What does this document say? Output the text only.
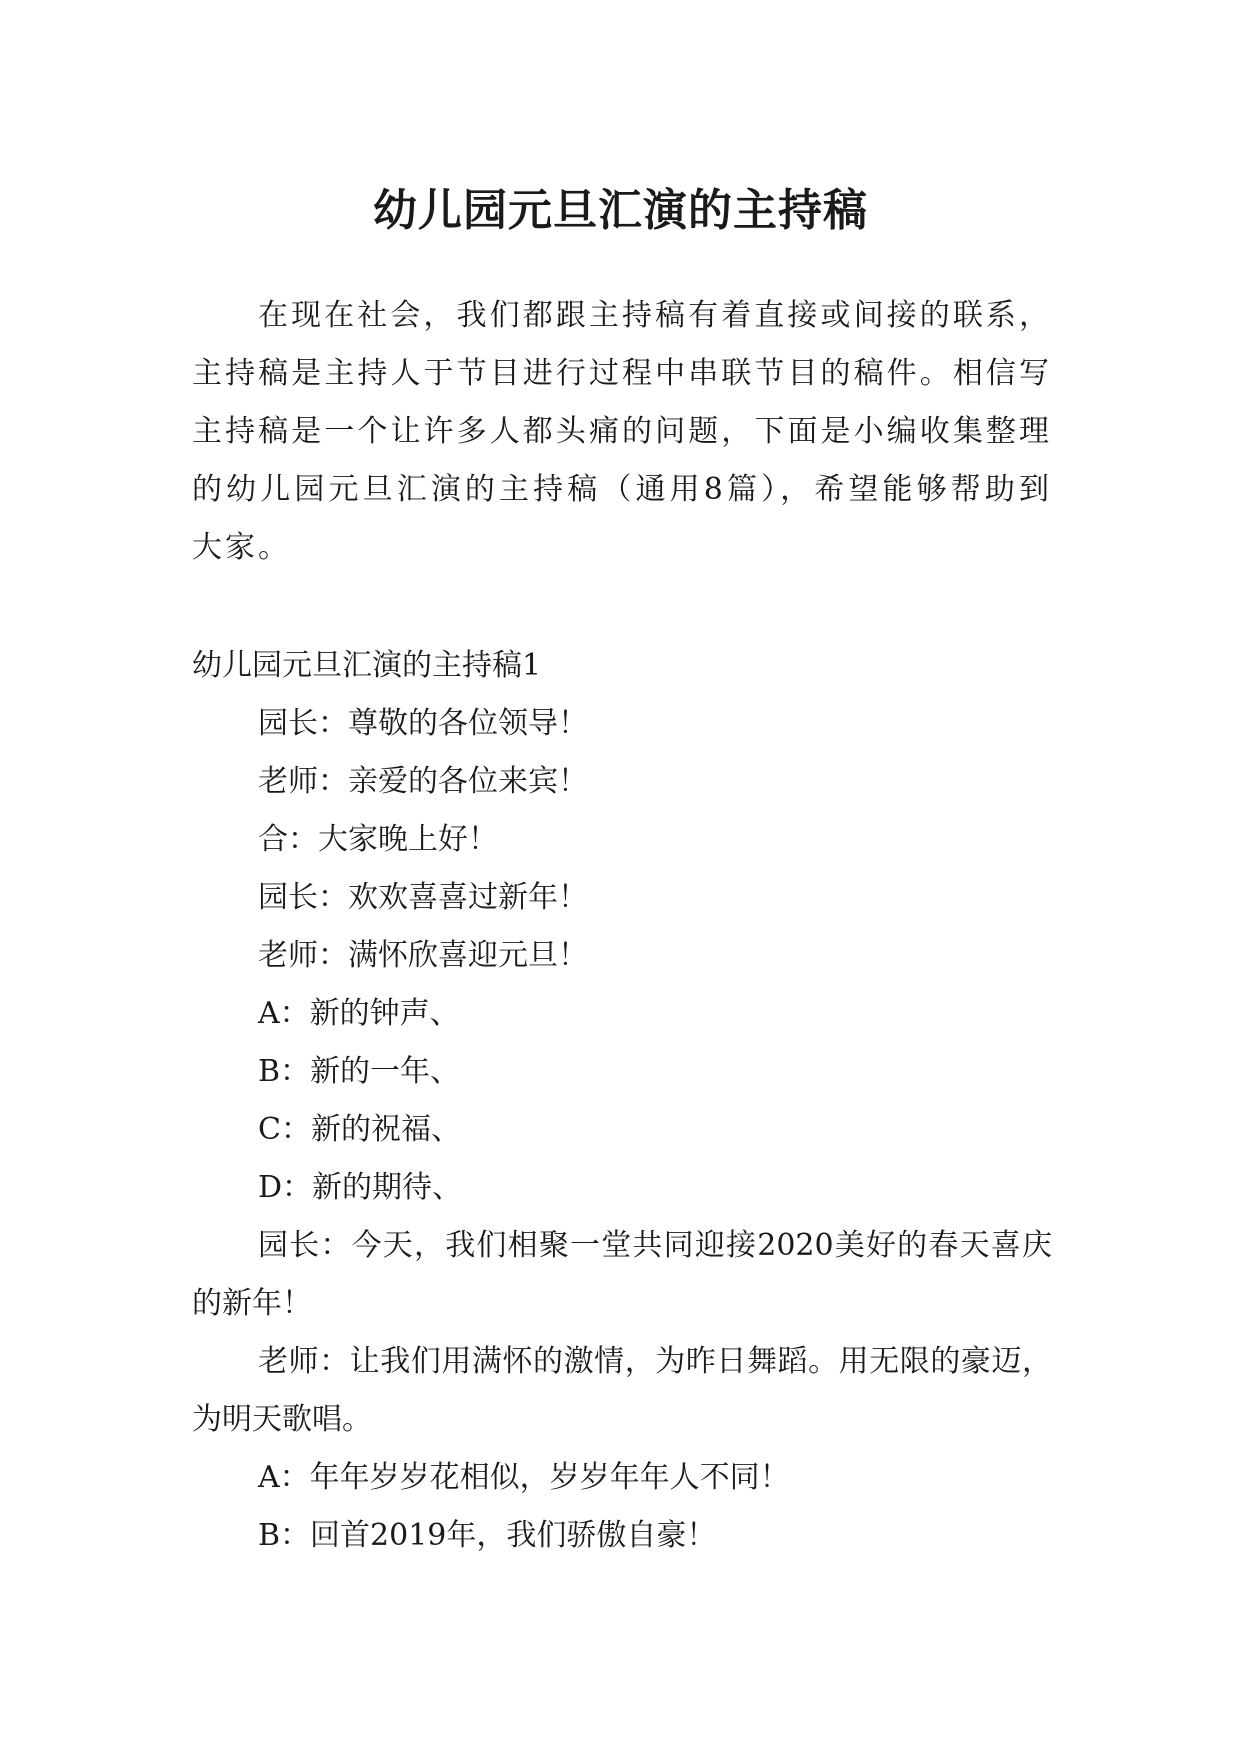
幼儿园元旦汇演的主持稿

在现在社会，我们都跟主持稿有着直接或间接的联系，主持稿是主持人于节目进行过程中串联节目的稿件。相信写主持稿是一个让许多人都头痛的问题，下面是小编收集整理的幼儿园元旦汇演的主持稿（通用8篇），希望能够帮助到大家。

幼儿园元旦汇演的主持稿1

园长：尊敬的各位领导！

老师：亲爱的各位来宾！

合：大家晚上好！

园长：欢欢喜喜过新年！

老师：满怀欣喜迎元旦！

A：新的钟声、

B：新的一年、

C：新的祝福、

D：新的期待、

园长：今天，我们相聚一堂共同迎接2020美好的春天喜庆的新年！

老师：让我们用满怀的激情，为昨日舞蹈。用无限的豪迈，为明天歌唱。

A：年年岁岁花相似，岁岁年年人不同！

B：回首2019年，我们骄傲自豪！
